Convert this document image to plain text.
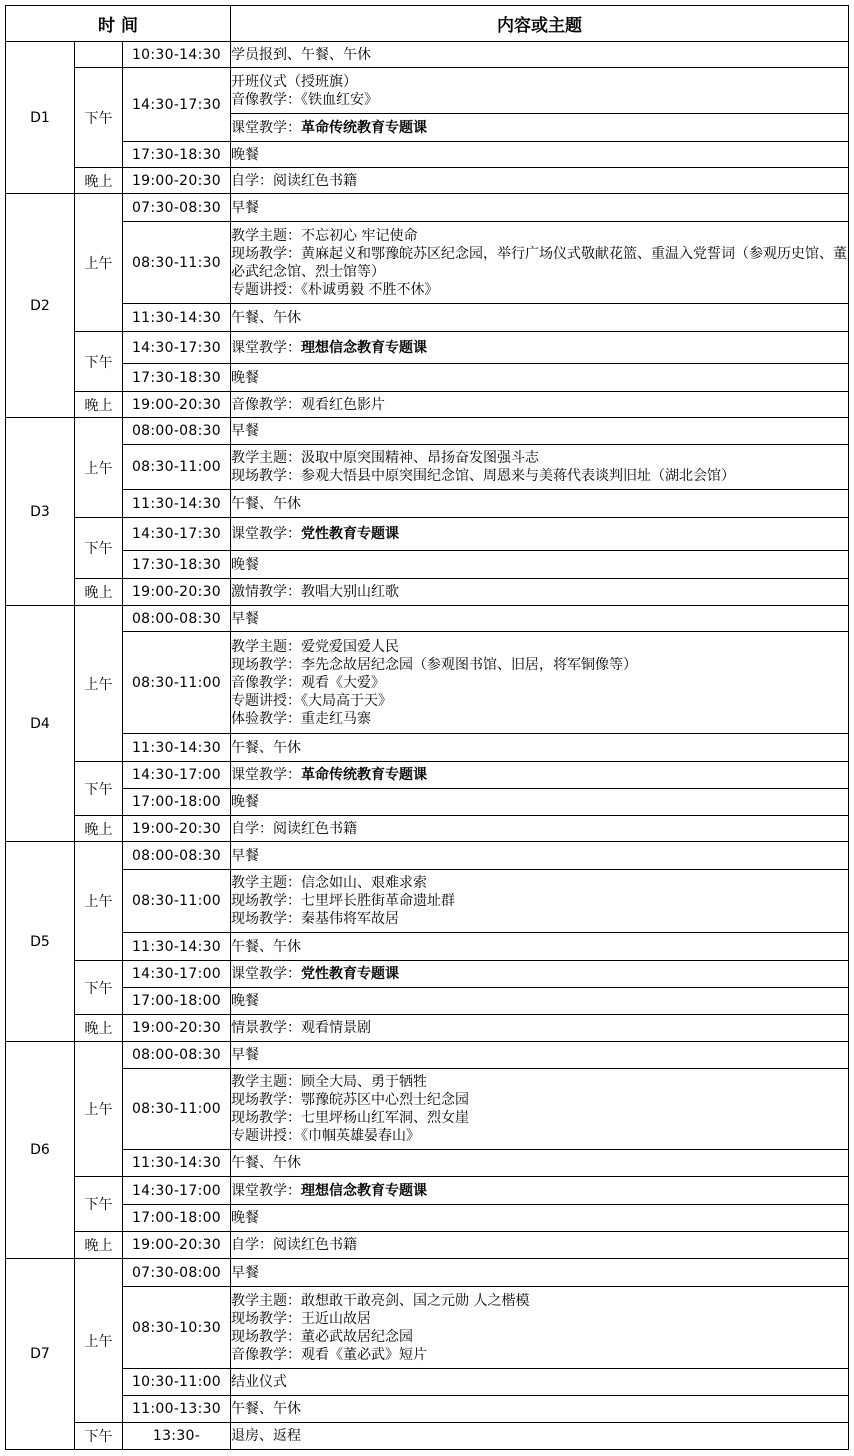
时 间			内容或主题
D1		10:30-14:30	学员报到、午餐、午休

	下午	14:30-17:30	开班仪式（授班旗）
音像教学：《铁血红安》

			课堂教学：革命传统教育专题课

		17:30-18:30	晚餐

	晚上	19:00-20:30	自学：阅读红色书籍

D2	上午	07:30-08:30	早餐

		08:30-11:30	教学主题：不忘初心 牢记使命
现场教学：黄麻起义和鄂豫皖苏区纪念园，举行广场仪式敬献花篮、重温入党誓词（参观历史馆、董必武纪念馆、烈士馆等）
专题讲授：《朴诚勇毅 不胜不休》

		11:30-14:30	午餐、午休

	下午	14:30-17:30	课堂教学：理想信念教育专题课

		17:30-18:30	晚餐

	晚上	19:00-20:30	音像教学：观看红色影片

D3	上午	08:00-08:30	早餐

		08:30-11:00	教学主题：汲取中原突围精神、昂扬奋发图强斗志
现场教学：参观大悟县中原突围纪念馆、周恩来与美蒋代表谈判旧址（湖北会馆）

		11:30-14:30	午餐、午休

	下午	14:30-17:30	课堂教学：党性教育专题课

		17:30-18:30	晚餐

	晚上	19:00-20:30	激情教学：教唱大别山红歌

D4	上午	08:00-08:30	早餐

		08:30-11:00	教学主题：爱党爱国爱人民
现场教学：李先念故居纪念园（参观图书馆、旧居，将军铜像等）
音像教学：观看《大爱》
专题讲授：《大局高于天》
体验教学：重走红马寨

		11:30-14:30	午餐、午休

	下午	14:30-17:00	课堂教学：革命传统教育专题课

		17:00-18:00	晚餐

	晚上	19:00-20:30	自学：阅读红色书籍

D5	上午	08:00-08:30	早餐

		08:30-11:00	教学主题：信念如山、艰难求索
现场教学：七里坪长胜街革命遗址群
现场教学：秦基伟将军故居

		11:30-14:30	午餐、午休

	下午	14:30-17:00	课堂教学：党性教育专题课

		17:00-18:00	晚餐

	晚上	19:00-20:30	情景教学：观看情景剧

D6	上午	08:00-08:30	早餐

		08:30-11:00	教学主题：顾全大局、勇于牺牲
现场教学：鄂豫皖苏区中心烈士纪念园
现场教学：七里坪杨山红军洞、烈女崖
专题讲授：《巾帼英雄晏春山》

		11:30-14:30	午餐、午休

	下午	14:30-17:00	课堂教学：理想信念教育专题课

		17:00-18:00	晚餐

	晚上	19:00-20:30	自学：阅读红色书籍

D7	上午	07:30-08:00	早餐

		08:30-10:30	教学主题：敢想敢干敢亮剑、国之元勋 人之楷模
现场教学：王近山故居
现场教学：董必武故居纪念园
音像教学：观看《董必武》短片

		10:30-11:00	结业仪式

		11:00-13:30	午餐、午休

	下午	13:30-	退房、返程
